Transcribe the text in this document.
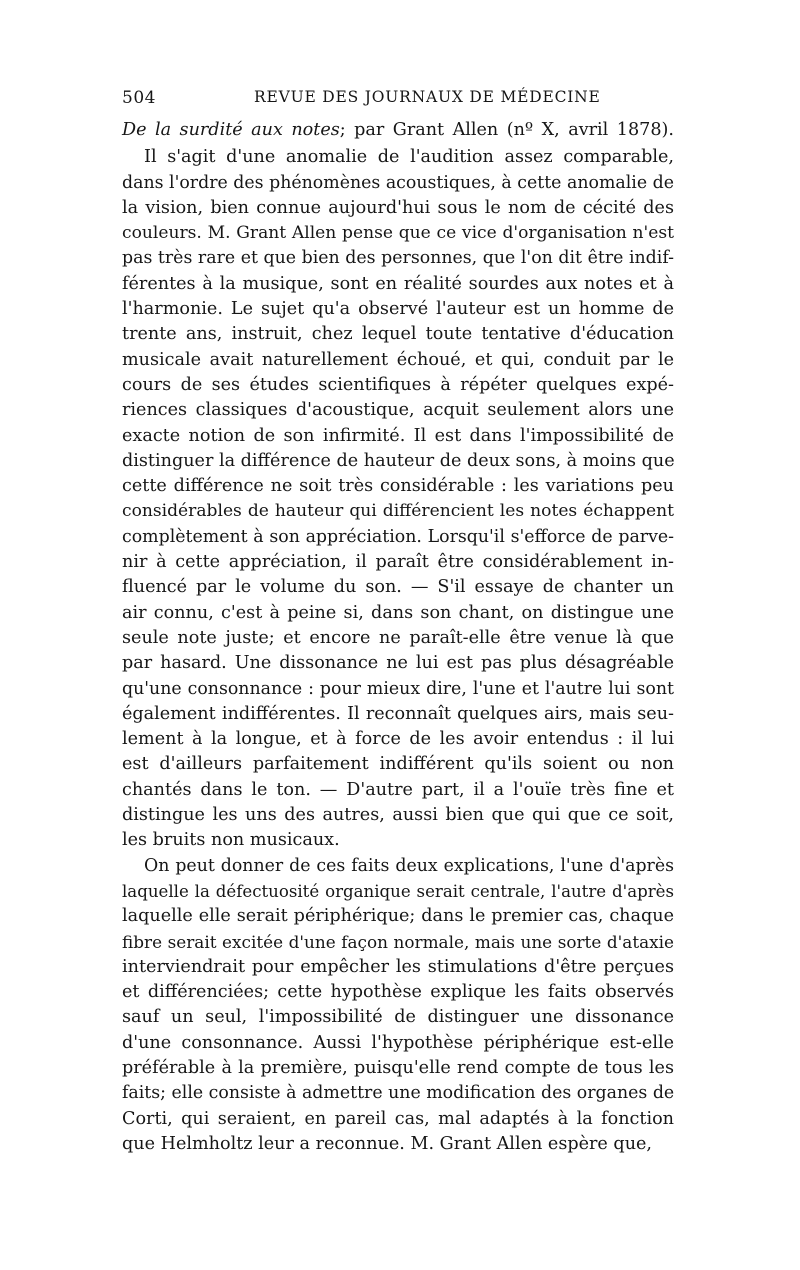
504	REVUE DES JOURNAUX DE MÉDECINE
De la surdité aux notes; par Grant Allen (nº X, avril 1878).
Il s'agit d'une anomalie de l'audition assez comparable,
dans l'ordre des phénomènes acoustiques, à cette anomalie de
la vision, bien connue aujourd'hui sous le nom de cécité des
couleurs. M. Grant Allen pense que ce vice d'organisation n'est
pas très rare et que bien des personnes, que l'on dit être indif-
férentes à la musique, sont en réalité sourdes aux notes et à
l'harmonie. Le sujet qu'a observé l'auteur est un homme de
trente ans, instruit, chez lequel toute tentative d'éducation
musicale avait naturellement échoué, et qui, conduit par le
cours de ses études scientifiques à répéter quelques expé-
riences classiques d'acoustique, acquit seulement alors une
exacte notion de son infirmité. Il est dans l'impossibilité de
distinguer la différence de hauteur de deux sons, à moins que
cette différence ne soit très considérable : les variations peu
considérables de hauteur qui différencient les notes échappent
complètement à son appréciation. Lorsqu'il s'efforce de parve-
nir à cette appréciation, il paraît être considérablement in-
fluencé par le volume du son. — S'il essaye de chanter un
air connu, c'est à peine si, dans son chant, on distingue une
seule note juste; et encore ne paraît-elle être venue là que
par hasard. Une dissonance ne lui est pas plus désagréable
qu'une consonnance : pour mieux dire, l'une et l'autre lui sont
également indifférentes. Il reconnaît quelques airs, mais seu-
lement à la longue, et à force de les avoir entendus : il lui
est d'ailleurs parfaitement indifférent qu'ils soient ou non
chantés dans le ton. — D'autre part, il a l'ouïe très fine et
distingue les uns des autres, aussi bien que qui que ce soit,
les bruits non musicaux.
On peut donner de ces faits deux explications, l'une d'après
laquelle la défectuosité organique serait centrale, l'autre d'après
laquelle elle serait périphérique; dans le premier cas, chaque
fibre serait excitée d'une façon normale, mais une sorte d'ataxie
interviendrait pour empêcher les stimulations d'être perçues
et différenciées; cette hypothèse explique les faits observés
sauf un seul, l'impossibilité de distinguer une dissonance
d'une consonnance. Aussi l'hypothèse périphérique est-elle
préférable à la première, puisqu'elle rend compte de tous les
faits; elle consiste à admettre une modification des organes de
Corti, qui seraient, en pareil cas, mal adaptés à la fonction
que Helmholtz leur a reconnue. M. Grant Allen espère que,
